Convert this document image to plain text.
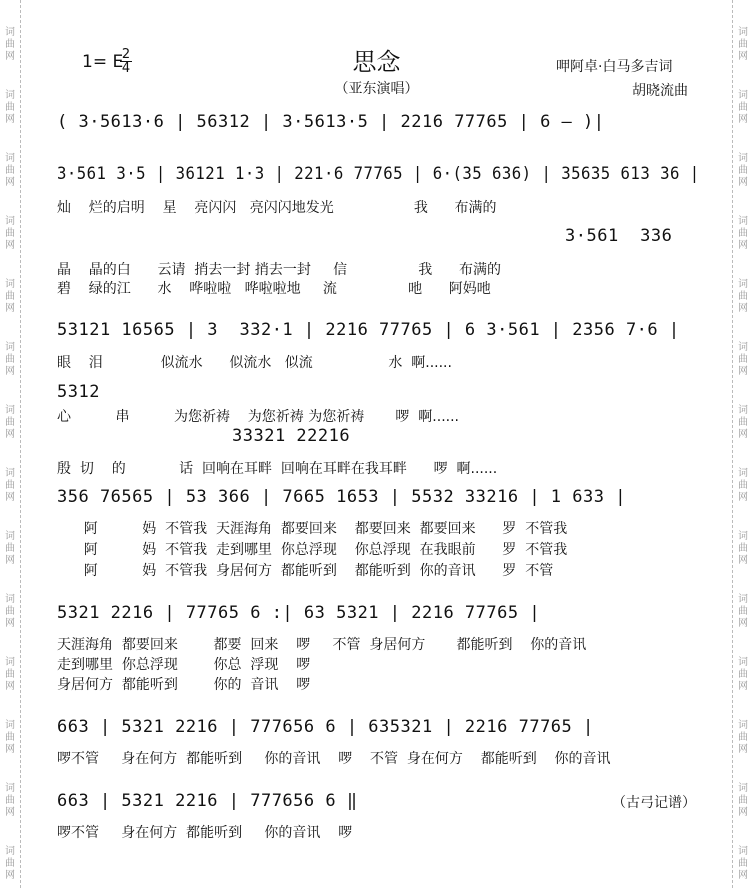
词
曲
网
词
曲
网
词
曲
网
词
曲
网
词
曲
网
词
曲
网
词
曲
网
词
曲
网
词
曲
网
词
曲
网
词
曲
网
词
曲
网
词
曲
网
词
曲
网
词
曲
网
词
曲
网
词
曲
网
词
曲
网
词
曲
网
词
曲
网
词
曲
网
词
曲
网
词
曲
网
词
曲
网
词
曲
网
词
曲
网
词
曲
网
词
曲
网
1= E
2
4	思念
（亚东演唱）
呷阿卓·白马多吉词
胡晓流曲
( 3·5613·6 | 56312 | 3·5613·5 | 2216 77765 | 6 – )|
3·561 3·5 | 36121 1·3 | 221·6 77765 | 6·(35 636) | 35635 613 36 |
灿    烂的启明    星    亮闪闪   亮闪闪地发光                  我      布满的
3·561  336
晶    晶的白      云请  捎去一封 捎去一封     信                我      布满的
碧    绿的江      水    哗啦啦   哗啦啦地     流                吔      阿妈吔
53121 16565 | 3  332·1 | 2216 77765 | 6 3·561 | 2356 7·6 |
眼    泪             似流水      似流水   似流                 水  啊......
5312
心          串          为您祈祷    为您祈祷 为您祈祷       啰  啊......
33321 22216
殷  切    的            话  回响在耳畔  回响在耳畔在我耳畔      啰  啊......
356 76565 | 53 366 | 7665 1653 | 5532 33216 | 1 633 |
阿          妈  不管我  天涯海角  都要回来    都要回来  都要回来      罗  不管我
阿          妈  不管我  走到哪里  你总浮现    你总浮现  在我眼前      罗  不管我
阿          妈  不管我  身居何方  都能听到    都能听到  你的音讯      罗  不管
5321 2216 | 77765 6 :| 63 5321 | 2216 77765 |
天涯海角  都要回来        都要  回来    啰     不管  身居何方       都能听到    你的音讯
走到哪里  你总浮现        你总  浮现    啰
身居何方  都能听到        你的  音讯    啰
663 | 5321 2216 | 777656 6 | 635321 | 2216 77765 |
啰不管     身在何方  都能听到     你的音讯    啰    不管  身在何方    都能听到    你的音讯
663 | 5321 2216 | 777656 6 ‖
啰不管     身在何方  都能听到     你的音讯    啰
（古弓记谱）
